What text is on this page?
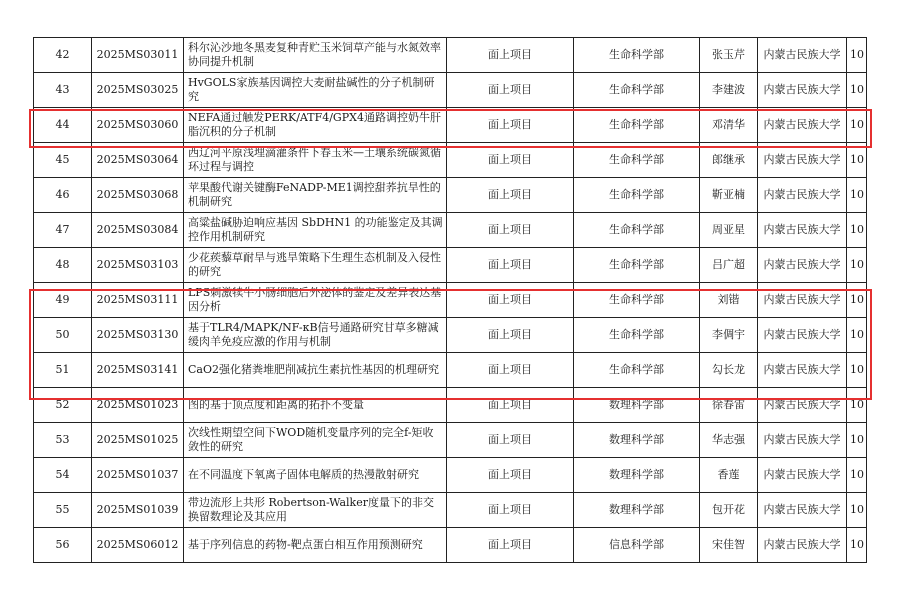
42	2025MS03011	科尔沁沙地冬黑麦复种青贮玉米饲草产能与水氮效率协同提升机制	面上项目	生命科学部	张玉芹	内蒙古民族大学	10
43	2025MS03025	HvGOLS家族基因调控大麦耐盐碱性的分子机制研究	面上项目	生命科学部	李建波	内蒙古民族大学	10
44	2025MS03060	NEFA通过触发PERK/ATF4/GPX4通路调控奶牛肝脂沉积的分子机制	面上项目	生命科学部	邓清华	内蒙古民族大学	10
45	2025MS03064	西辽河平原浅埋滴灌条件下春玉米—土壤系统碳氮循环过程与调控	面上项目	生命科学部	郎继承	内蒙古民族大学	10
46	2025MS03068	苹果酸代谢关键酶FeNADP-ME1调控甜荞抗旱性的机制研究	面上项目	生命科学部	靳亚楠	内蒙古民族大学	10
47	2025MS03084	高粱盐碱胁迫响应基因 SbDHN1 的功能鉴定及其调控作用机制研究	面上项目	生命科学部	周亚星	内蒙古民族大学	10
48	2025MS03103	少花蒺藜草耐旱与逃旱策略下生理生态机制及入侵性的研究	面上项目	生命科学部	吕广超	内蒙古民族大学	10
49	2025MS03111	LPS刺激犊牛小肠细胞后外泌体的鉴定及差异表达基因分析	面上项目	生命科学部	刘锴	内蒙古民族大学	10
50	2025MS03130	基于TLR4/MAPK/NF-κB信号通路研究甘草多糖减缓肉羊免疫应激的作用与机制	面上项目	生命科学部	李倜宇	内蒙古民族大学	10
51	2025MS03141	CaO2强化猪粪堆肥削减抗生素抗性基因的机理研究	面上项目	生命科学部	勾长龙	内蒙古民族大学	10
52	2025MS01023	图的基于顶点度和距离的拓扑不变量	面上项目	数理科学部	徐春雷	内蒙古民族大学	10
53	2025MS01025	次线性期望空间下WOD随机变量序列的完全f-矩收敛性的研究	面上项目	数理科学部	华志强	内蒙古民族大学	10
54	2025MS01037	在不同温度下氧离子固体电解质的热漫散射研究	面上项目	数理科学部	香莲	内蒙古民族大学	10
55	2025MS01039	带边流形上共形 Robertson-Walker度量下的非交换留数理论及其应用	面上项目	数理科学部	包开花	内蒙古民族大学	10
56	2025MS06012	基于序列信息的药物-靶点蛋白相互作用预测研究	面上项目	信息科学部	宋佳智	内蒙古民族大学	10
